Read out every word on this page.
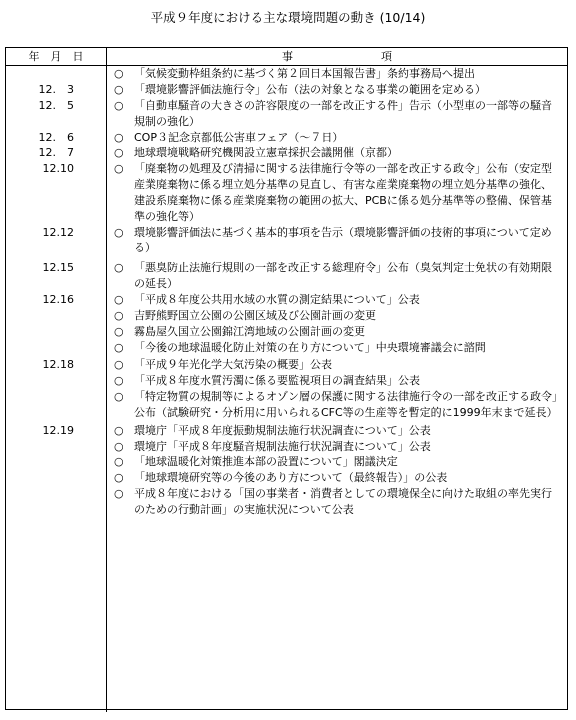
平成９年度における主な環境問題の動き (10/14)
年　月　日	事　　　　　　　　項
○ 「気候変動枠組条約に基づく第２回日本国報告書」条約事務局へ提出
12.　3	○ 「環境影響評価法施行令」公布（法の対象となる事業の範囲を定める）
12.　5	○ 「自動車騒音の大きさの許容限度の一部を改正する件」告示（小型車の一部等の騒音規制の強化）
12.　6	○ COP３記念京都低公害車フェア（～７日）
12.　7	○ 地球環境戦略研究機関設立憲章採択会議開催（京都）
12.10	○ 「廃棄物の処理及び清掃に関する法律施行令等の一部を改正する政令」公布（安定型産業廃棄物に係る埋立処分基準の見直し、有害な産業廃棄物の埋立処分基準の強化、建設系廃棄物に係る産業廃棄物の範囲の拡大、PCBに係る処分基準等の整備、保管基準の強化等）
12.12	○ 環境影響評価法に基づく基本的事項を告示（環境影響評価の技術的事項について定める）
12.15	○ 「悪臭防止法施行規則の一部を改正する総理府令」公布（臭気判定士免状の有効期限の延長）
12.16	○ 「平成８年度公共用水域の水質の測定結果について」公表
○ 吉野熊野国立公園の公園区域及び公園計画の変更
○ 霧島屋久国立公園錦江湾地域の公園計画の変更
○ 「今後の地球温暖化防止対策の在り方について」中央環境審議会に諮問
12.18	○ 「平成９年光化学大気汚染の概要」公表
○ 「平成８年度水質汚濁に係る要監視項目の調査結果」公表
○ 「特定物質の規制等によるオゾン層の保護に関する法律施行令の一部を改正する政令」公布（試験研究・分析用に用いられるCFC等の生産等を暫定的に1999年末まで延長）
12.19	○ 環境庁「平成８年度振動規制法施行状況調査について」公表
○ 環境庁「平成８年度騒音規制法施行状況調査について」公表
○ 「地球温暖化対策推進本部の設置について」閣議決定
○ 「地球環境研究等の今後のあり方について（最終報告）」の公表
○ 平成８年度における「国の事業者・消費者としての環境保全に向けた取組の率先実行のための行動計画」の実施状況について公表
